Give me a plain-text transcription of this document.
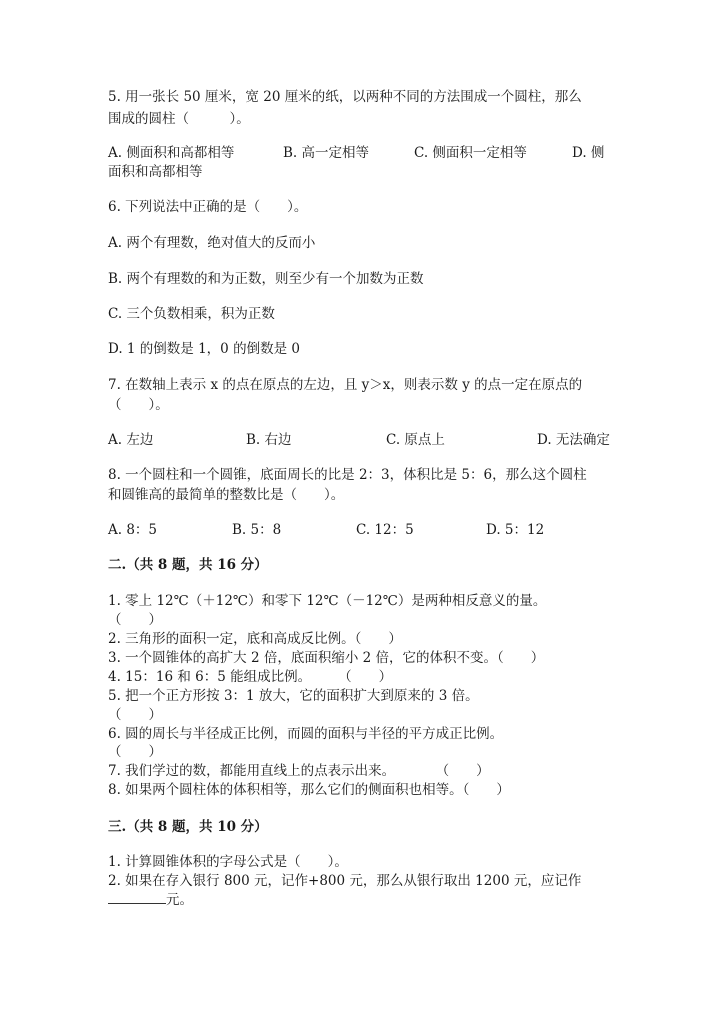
5. 用一张长 50 厘米，宽 20 厘米的纸，以两种不同的方法围成一个圆柱，那么
围成的圆柱（　　　）。
A. 侧面积和高都相等	B. 高一定相等	C. 侧面积一定相等	D. 侧
面积和高都相等
6. 下列说法中正确的是（　　）。
A. 两个有理数，绝对值大的反而小
B. 两个有理数的和为正数，则至少有一个加数为正数
C. 三个负数相乘，积为正数
D. 1 的倒数是 1，0 的倒数是 0
7. 在数轴上表示 x 的点在原点的左边，且 y＞x，则表示数 y 的点一定在原点的
（　　）。
A. 左边	B. 右边	C. 原点上	D. 无法确定
8. 一个圆柱和一个圆锥，底面周长的比是 2：3，体积比是 5：6，那么这个圆柱
和圆锥高的最简单的整数比是（　　）。
A. 8：5	B. 5：8	C. 12：5	D. 5：12
二.（共 8 题，共 16 分）
1. 零上 12℃（＋12℃）和零下 12℃（－12℃）是两种相反意义的量。
（　　）
2. 三角形的面积一定，底和高成反比例。（　　）
3. 一个圆锥体的高扩大 2 倍，底面积缩小 2 倍，它的体积不变。（　　）
4. 15：16 和 6：5 能组成比例。　　　（　　）
5. 把一个正方形按 3：1 放大，它的面积扩大到原来的 3 倍。
（　　）
6. 圆的周长与半径成正比例，而圆的面积与半径的平方成正比例。
（　　）
7. 我们学过的数，都能用直线上的点表示出来。　　　　（　　）
8. 如果两个圆柱体的体积相等，那么它们的侧面积也相等。（　　）
三.（共 8 题，共 10 分）
1. 计算圆锥体积的字母公式是（　　）。
2. 如果在存入银行 800 元，记作+800 元，那么从银行取出 1200 元，应记作
元。
